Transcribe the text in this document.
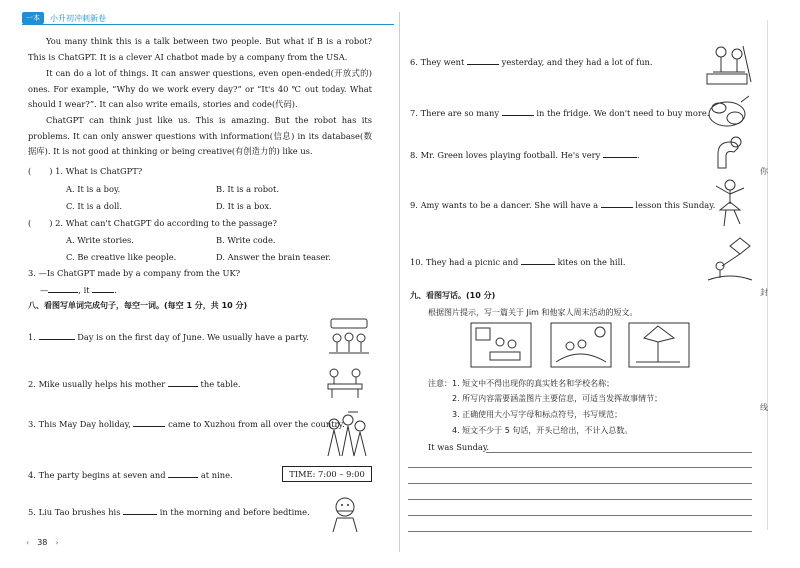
一本	小升初冲刺新卷
你
封
线
You many think this is a talk between two people. But what if B is a robot? This is ChatGPT. It is a clever AI chatbot made by a company from the USA.
It can do a lot of things. It can answer questions, even open-ended(开放式的) ones. For example, “Why do we work every day?” or “It's 40 ℃ out today. What should I wear?”. It can also write emails, stories and code(代码).
ChatGPT can think just like us. This is amazing. But the robot has its problems. It can only answer questions with information(信息) in its database(数据库). It is not good at thinking or being creative(有创造力的) like us.
( ) 1. What is ChatGPT?
A. It is a boy.	B. It is a robot.
C. It is a doll.	D. It is a box.
( ) 2. What can't ChatGPT do according to the passage?
A. Write stories.	B. Write code.
C. Be creative like people.	D. Answer the brain teaser.
3. —Is ChatGPT made by a company from the UK?
—	, it	.
八、看图写单词完成句子，每空一词。(每空 1 分，共 10 分)
1.	Day is on the first day of June. We usually have a party.
2. Mike usually helps his mother	the table.
3. This May Day holiday,	came to Xuzhou from all over the country.
4. The party begins at seven and	at nine.	TIME: 7:00 – 9:00
5. Liu Tao brushes his	in the morning and before bedtime.
6. They went	yesterday, and they had a lot of fun.
7. There are so many	in the fridge. We don't need to buy more.
8. Mr. Green loves playing football. He's very	.
9. Amy wants to be a dancer. She will have a	lesson this Sunday.
10. They had a picnic and	kites on the hill.
九、看图写话。(10 分)
根据图片提示，写一篇关于 Jim 和他家人周末活动的短文。
注意： 1. 短文中不得出现你的真实姓名和学校名称；
2. 所写内容需要涵盖图片主要信息，可适当发挥故事情节；
3. 正确使用大小写字母和标点符号，书写规范；
4. 短文不少于 5 句话，开头已给出，不计入总数。
It was Sunday.
‹ 38 ›
